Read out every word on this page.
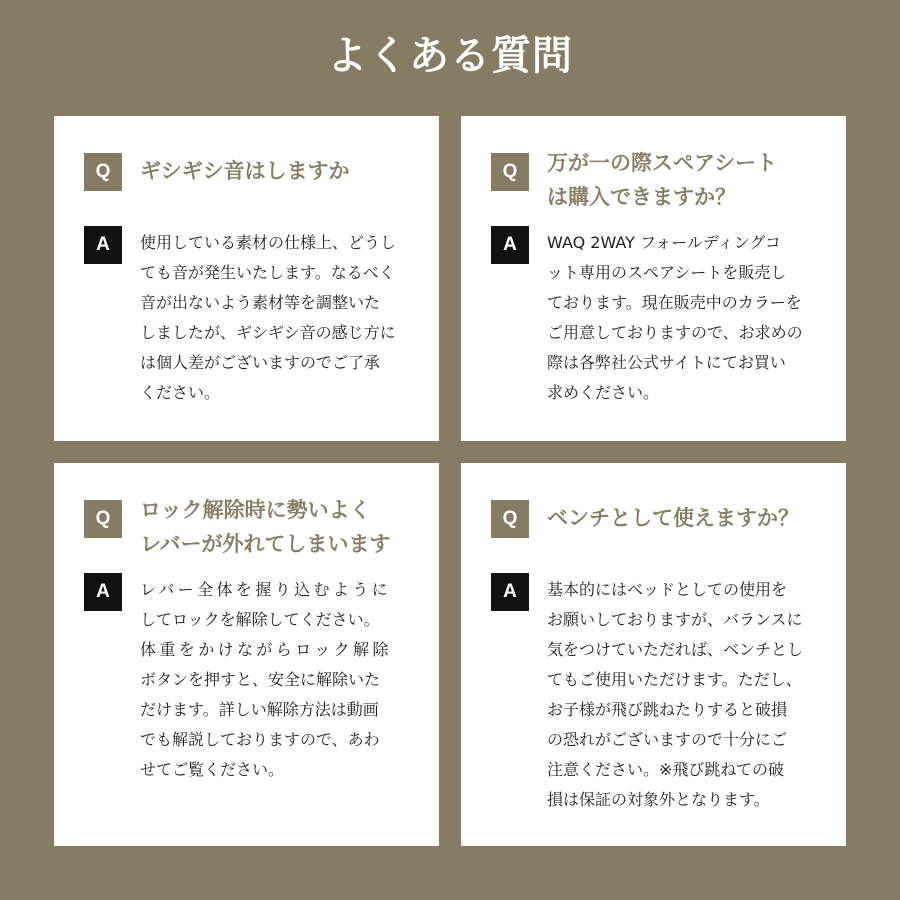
よくある質問
Q	ギシギシ音はしますか
A	使用している素材の仕様上、どうし
ても音が発生いたします。なるべく
音が出ないよう素材等を調整いた
しましたが、ギシギシ音の感じ方に
は個人差がございますのでご了承
ください。
Q	万が一の際スペアシート
は購入できますか？
A	WAQ 2WAY フォールディングコ
ット専用のスペアシートを販売し
ております。現在販売中のカラーを
ご用意しておりますので、お求めの
際は各弊社公式サイトにてお買い
求めください。
Q	ロック解除時に勢いよく
レバーが外れてしまいます
A	レバー全体を握り込むように
してロックを解除してください。
体重をかけながらロック解除
ボタンを押すと、安全に解除いた
だけます。詳しい解除方法は動画
でも解説しておりますので、あわ
せてご覧ください。
Q	ベンチとして使えますか？
A	基本的にはベッドとしての使用を
お願いしておりますが、バランスに
気をつけていただれば、ベンチとし
てもご使用いただけます。ただし、
お子様が飛び跳ねたりすると破損
の恐れがございますので十分にご
注意ください。※飛び跳ねての破
損は保証の対象外となります。
